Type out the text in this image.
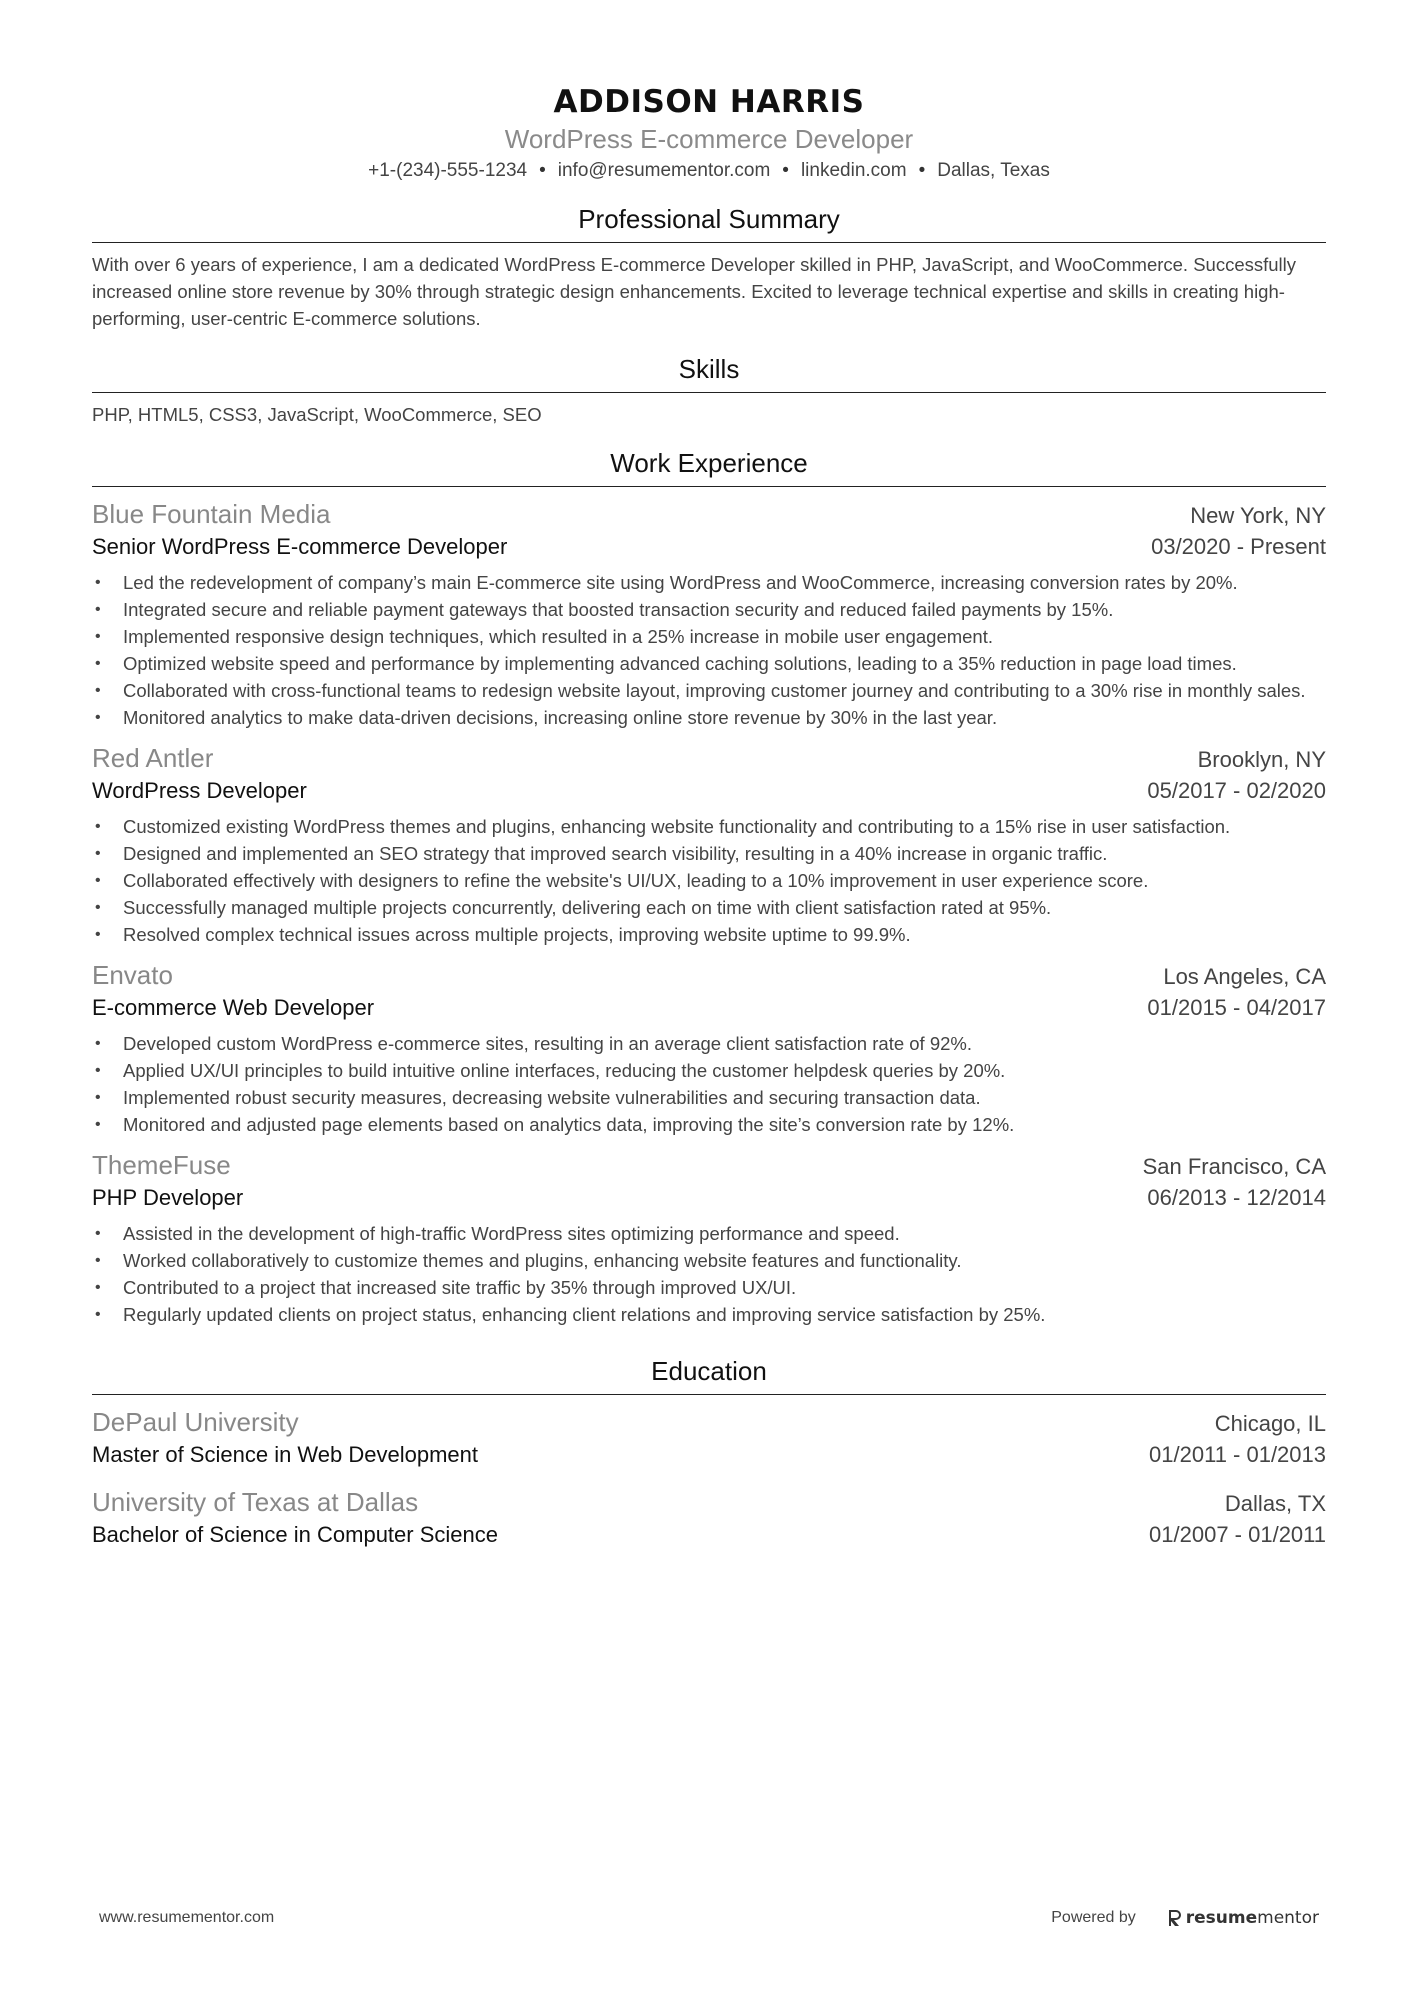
ADDISON HARRIS
WordPress E-commerce Developer
+1-(234)-555-1234 • info@resumementor.com • linkedin.com • Dallas, Texas
Professional Summary
With over 6 years of experience, I am a dedicated WordPress E-commerce Developer skilled in PHP, JavaScript, and WooCommerce. Successfully increased online store revenue by 30% through strategic design enhancements. Excited to leverage technical expertise and skills in creating high-performing, user-centric E-commerce solutions.
Skills
PHP, HTML5, CSS3, JavaScript, WooCommerce, SEO
Work Experience
Blue Fountain Media	New York, NY
Senior WordPress E-commerce Developer	03/2020 - Present
• Led the redevelopment of company’s main E-commerce site using WordPress and WooCommerce, increasing conversion rates by 20%.
• Integrated secure and reliable payment gateways that boosted transaction security and reduced failed payments by 15%.
• Implemented responsive design techniques, which resulted in a 25% increase in mobile user engagement.
• Optimized website speed and performance by implementing advanced caching solutions, leading to a 35% reduction in page load times.
• Collaborated with cross-functional teams to redesign website layout, improving customer journey and contributing to a 30% rise in monthly sales.
• Monitored analytics to make data-driven decisions, increasing online store revenue by 30% in the last year.
Red Antler	Brooklyn, NY
WordPress Developer	05/2017 - 02/2020
• Customized existing WordPress themes and plugins, enhancing website functionality and contributing to a 15% rise in user satisfaction.
• Designed and implemented an SEO strategy that improved search visibility, resulting in a 40% increase in organic traffic.
• Collaborated effectively with designers to refine the website's UI/UX, leading to a 10% improvement in user experience score.
• Successfully managed multiple projects concurrently, delivering each on time with client satisfaction rated at 95%.
• Resolved complex technical issues across multiple projects, improving website uptime to 99.9%.
Envato	Los Angeles, CA
E-commerce Web Developer	01/2015 - 04/2017
• Developed custom WordPress e-commerce sites, resulting in an average client satisfaction rate of 92%.
• Applied UX/UI principles to build intuitive online interfaces, reducing the customer helpdesk queries by 20%.
• Implemented robust security measures, decreasing website vulnerabilities and securing transaction data.
• Monitored and adjusted page elements based on analytics data, improving the site’s conversion rate by 12%.
ThemeFuse	San Francisco, CA
PHP Developer	06/2013 - 12/2014
• Assisted in the development of high-traffic WordPress sites optimizing performance and speed.
• Worked collaboratively to customize themes and plugins, enhancing website features and functionality.
• Contributed to a project that increased site traffic by 35% through improved UX/UI.
• Regularly updated clients on project status, enhancing client relations and improving service satisfaction by 25%.
Education
DePaul University	Chicago, IL
Master of Science in Web Development	01/2011 - 01/2013
University of Texas at Dallas	Dallas, TX
Bachelor of Science in Computer Science	01/2007 - 01/2011
www.resumementor.com	Powered by	resumementor
